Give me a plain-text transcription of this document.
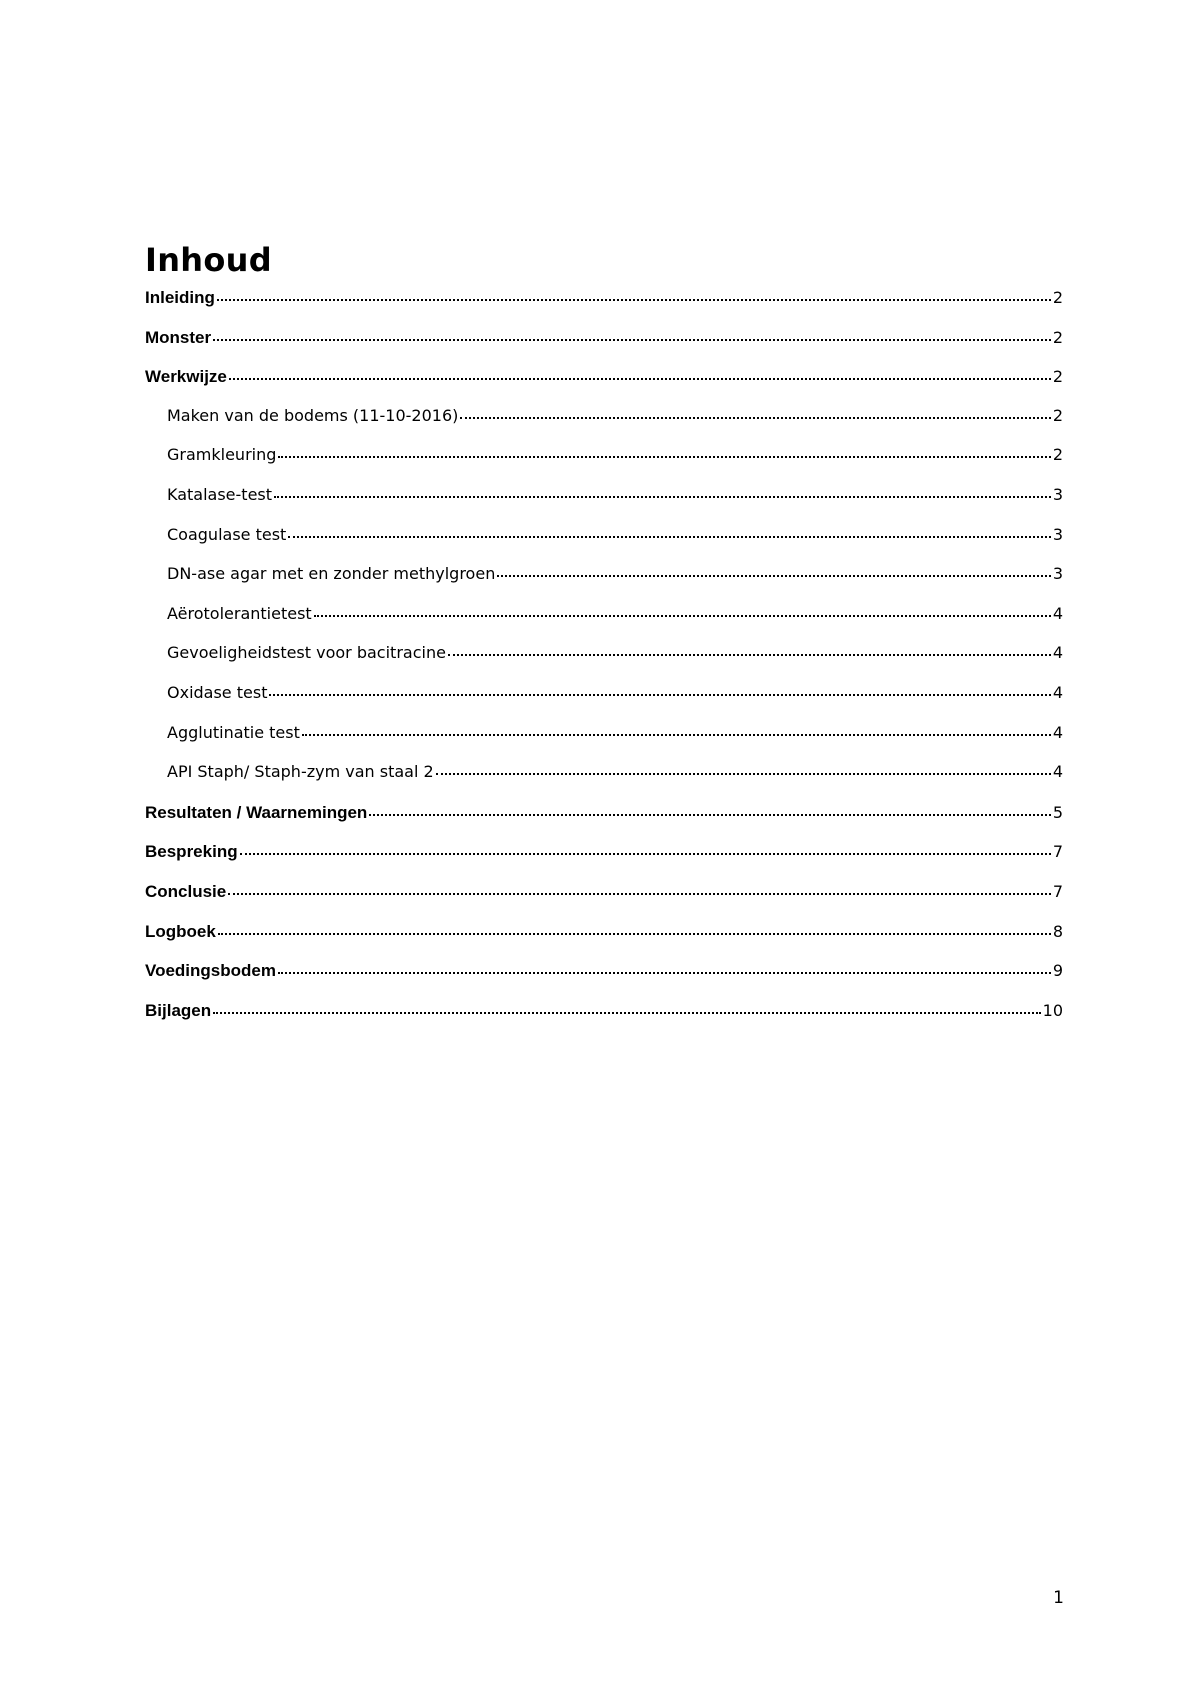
Inhoud
Inleiding	2
Monster	2
Werkwijze	2
Maken van de bodems (11-10-2016)	2
Gramkleuring	2
Katalase-test	3
Coagulase test	3
DN-ase agar met en zonder methylgroen	3
Aërotolerantietest	4
Gevoeligheidstest voor bacitracine	4
Oxidase test	4
Agglutinatie test	4
API Staph/ Staph-zym van staal 2	4
Resultaten / Waarnemingen	5
Bespreking	7
Conclusie	7
Logboek	8
Voedingsbodem	9
Bijlagen	10
1
